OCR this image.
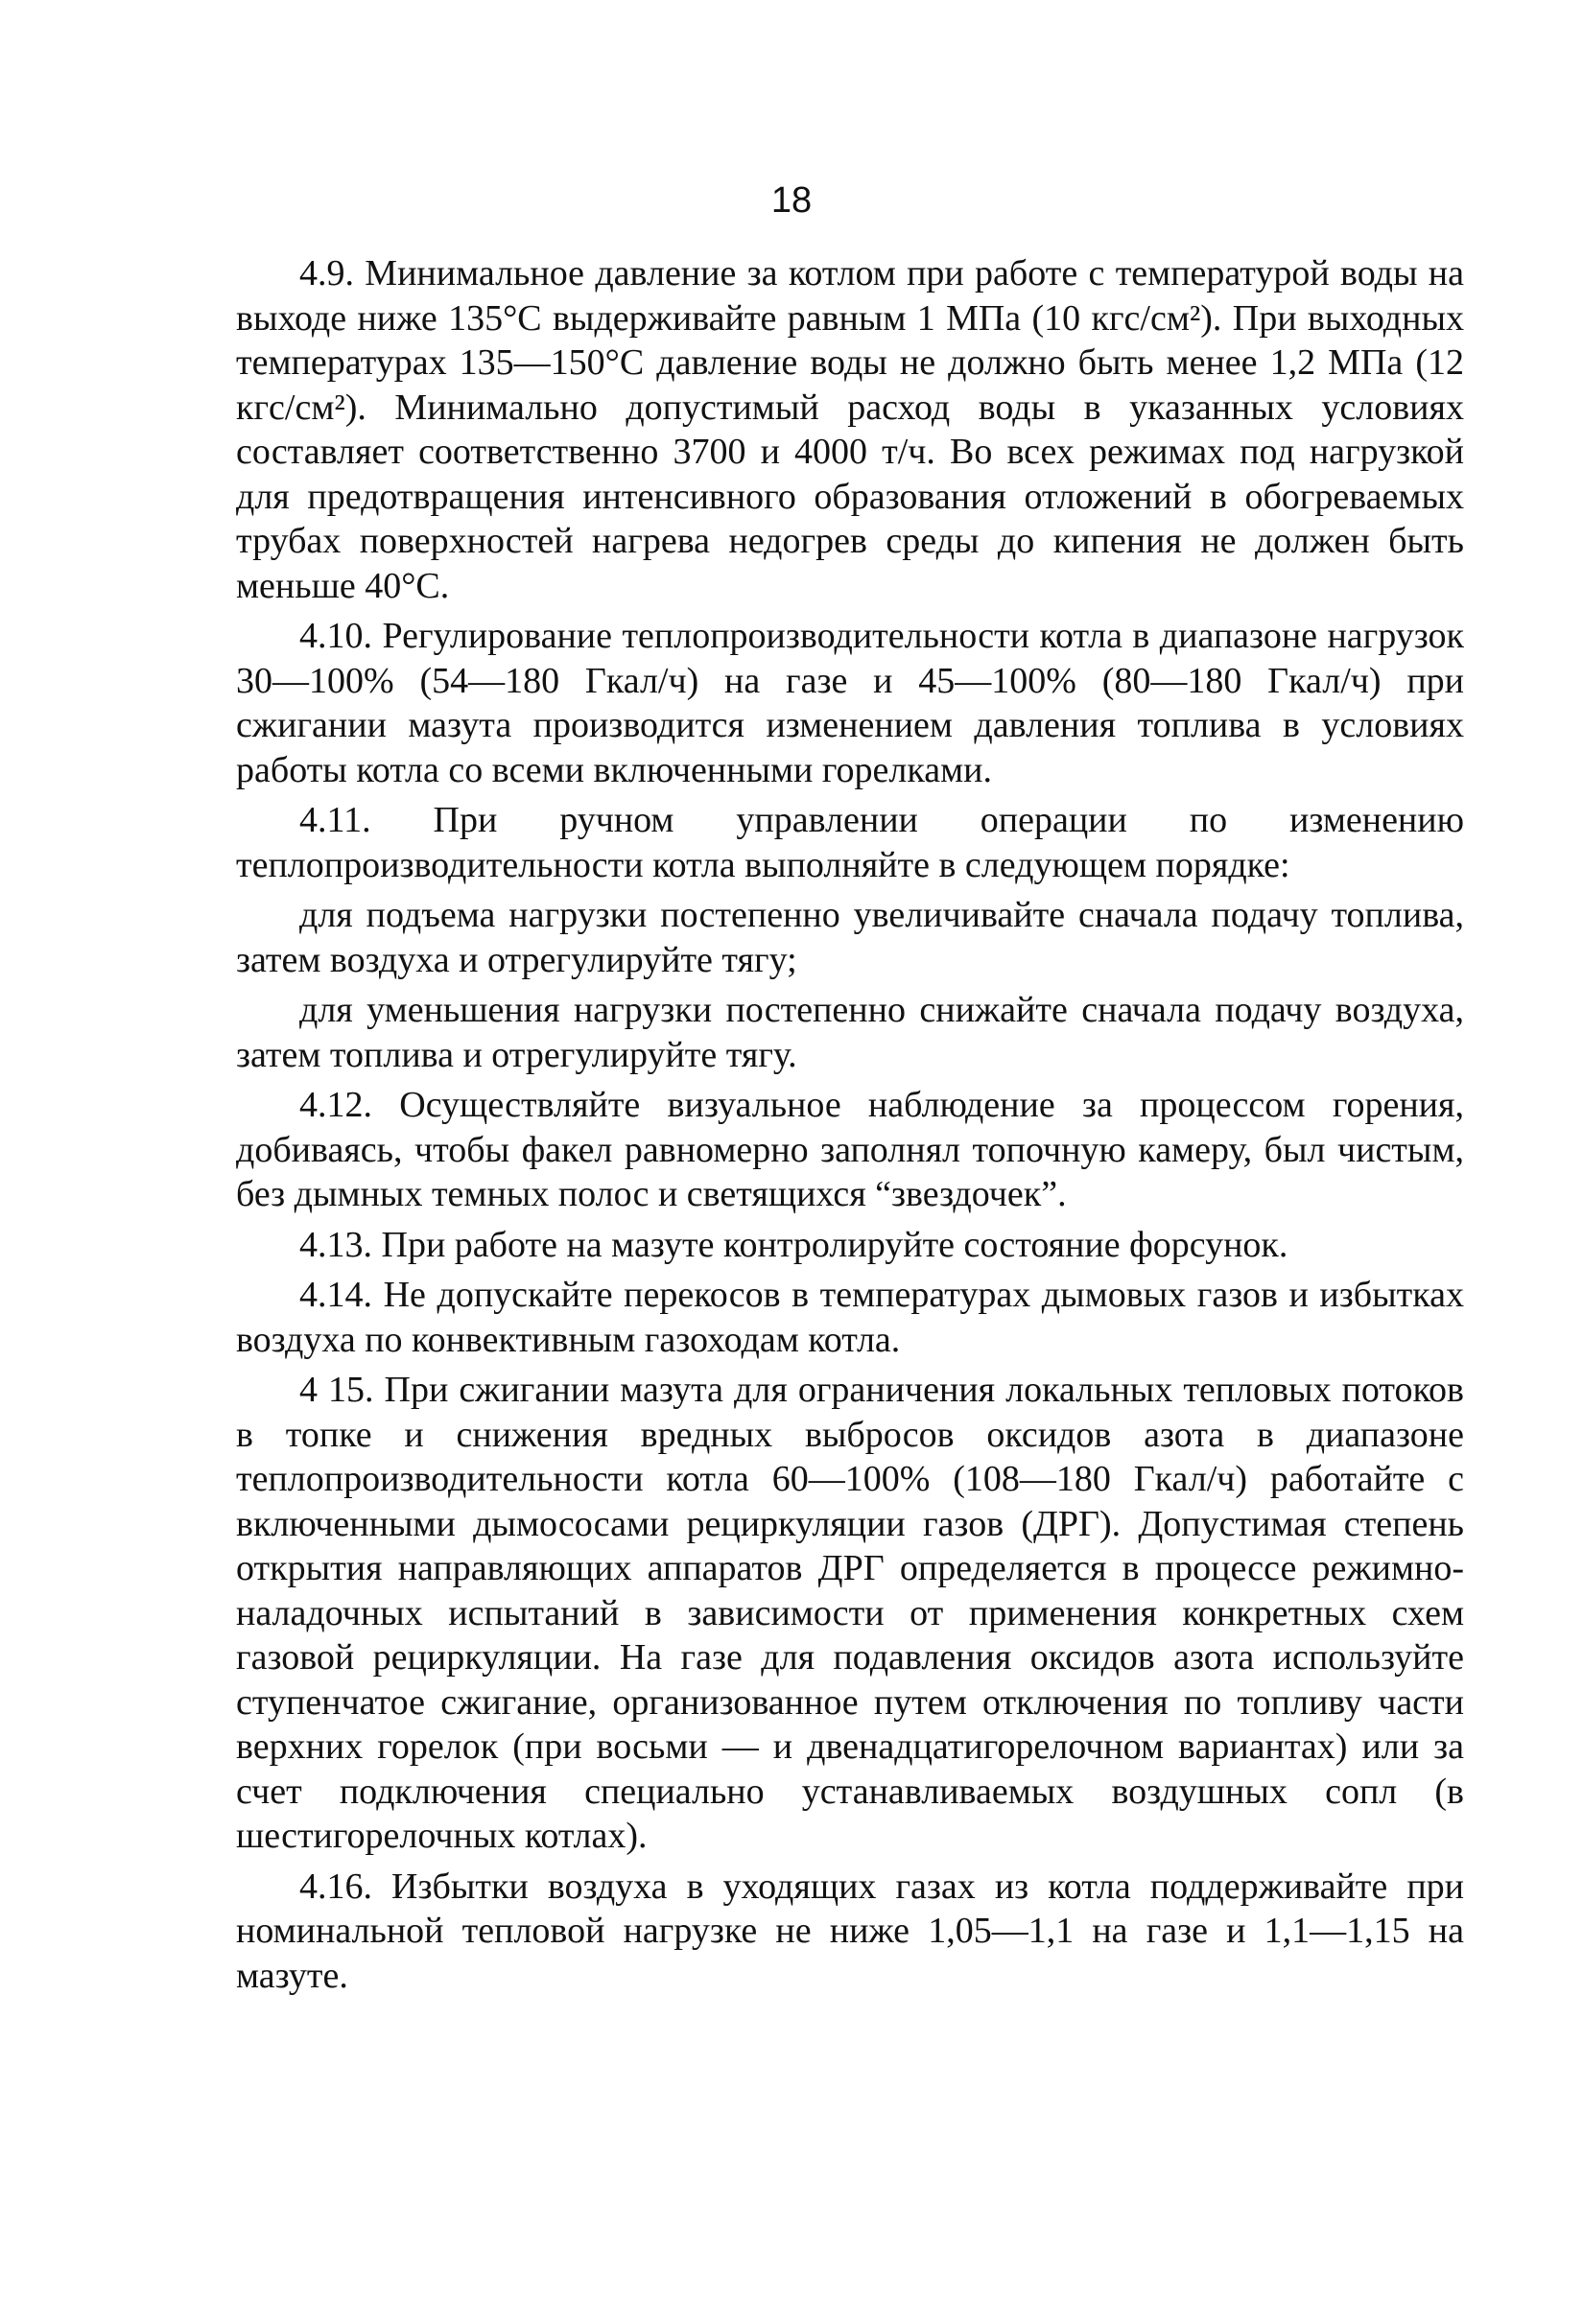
18

4.9. Минимальное давление за котлом при работе с температурой воды на выходе ниже 135°С выдерживайте равным 1 МПа (10 кгс/см²). При выходных температурах 135—150°С давление воды не должно быть менее 1,2 МПа (12 кгс/см²). Минимально допустимый расход воды в указанных условиях составляет соответственно 3700 и 4000 т/ч. Во всех режимах под нагрузкой для предотвращения интенсивного образования отложений в обогреваемых трубах поверхностей нагрева недогрев среды до кипения не должен быть меньше 40°С.

4.10. Регулирование теплопроизводительности котла в диапазоне нагрузок 30—100% (54—180 Гкал/ч) на газе и 45—100% (80—180 Гкал/ч) при сжигании мазута производится изменением давления топлива в условиях работы котла со всеми включенными горелками.

4.11. При ручном управлении операции по изменению теплопроизводительности котла выполняйте в следующем порядке:

для подъема нагрузки постепенно увеличивайте сначала подачу топлива, затем воздуха и отрегулируйте тягу;

для уменьшения нагрузки постепенно снижайте сначала подачу воздуха, затем топлива и отрегулируйте тягу.

4.12. Осуществляйте визуальное наблюдение за процессом горения, добиваясь, чтобы факел равномерно заполнял топочную камеру, был чистым, без дымных темных полос и светящихся “звездочек”.

4.13. При работе на мазуте контролируйте состояние форсунок.

4.14. Не допускайте перекосов в температурах дымовых газов и избытках воздуха по конвективным газоходам котла.

4 15. При сжигании мазута для ограничения локальных тепловых потоков в топке и снижения вредных выбросов оксидов азота в диапазоне теплопроизводительности котла 60—100% (108—180 Гкал/ч) работайте с включенными дымососами рециркуляции газов (ДРГ). Допустимая степень открытия направляющих аппаратов ДРГ определяется в процессе режимно-наладочных испытаний в зависимости от применения конкретных схем газовой рециркуляции. На газе для подавления оксидов азота используйте ступенчатое сжигание, организованное путем отключения по топливу части верхних горелок (при восьми — и двенадцатигорелочном вариантах) или за счет подключения специально устанавливаемых воздушных сопл (в шестигорелочных котлах).

4.16. Избытки воздуха в уходящих газах из котла поддерживайте при номинальной тепловой нагрузке не ниже 1,05—1,1 на газе и 1,1—1,15 на мазуте.
